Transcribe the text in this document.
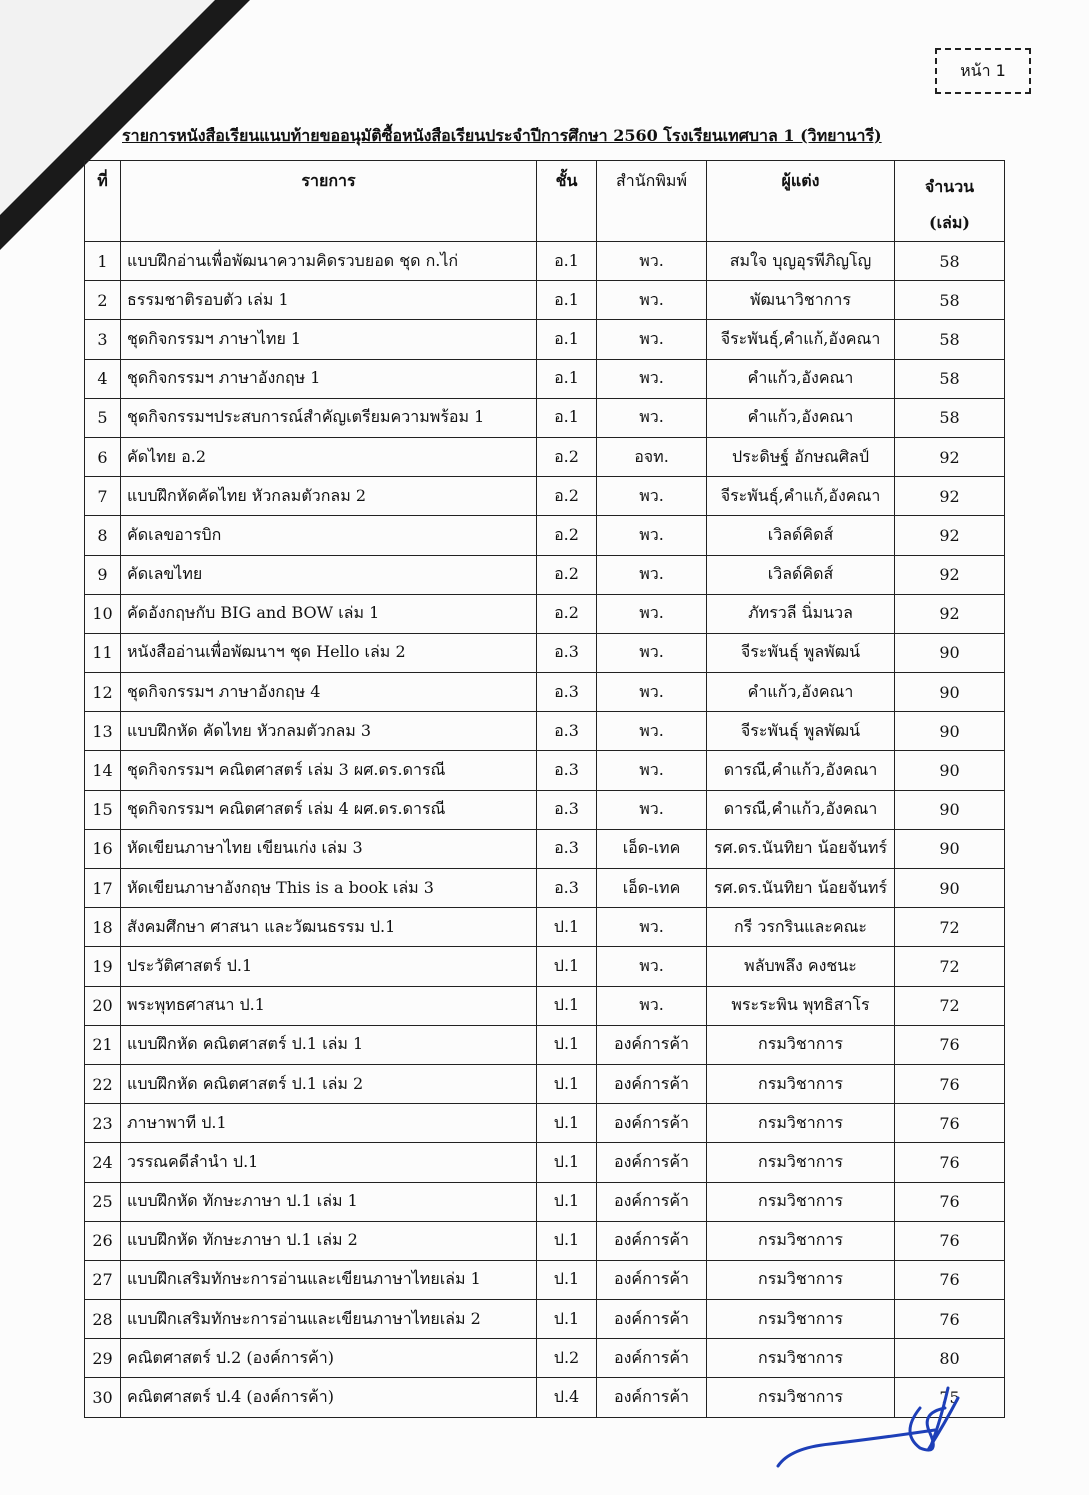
หน้า 1
รายการหนังสือเรียนแนบท้ายขออนุมัติซื้อหนังสือเรียนประจำปีการศึกษา 2560 โรงเรียนเทศบาล 1 (วิทยานารี)
ที่	รายการ	ชั้น	สำนักพิมพ์	ผู้แต่ง	จำนวน
(เล่ม)

1	แบบฝึกอ่านเพื่อพัฒนาความคิดรวบยอด ชุด ก.ไก่	อ.1	พว.	สมใจ บุญอุรพีภิญโญ	58
2	ธรรมชาติรอบตัว เล่ม 1	อ.1	พว.	พัฒนาวิชาการ	58
3	ชุดกิจกรรมฯ ภาษาไทย 1	อ.1	พว.	จีระพันธุ์,คำแก้,อังคณา	58
4	ชุดกิจกรรมฯ ภาษาอังกฤษ 1	อ.1	พว.	คำแก้ว,อังคณา	58
5	ชุดกิจกรรมฯประสบการณ์สำคัญเตรียมความพร้อม 1	อ.1	พว.	คำแก้ว,อังคณา	58
6	คัดไทย อ.2	อ.2	อจท.	ประดิษฐ์ อักษณศิลป์	92
7	แบบฝึกหัดคัดไทย หัวกลมตัวกลม 2	อ.2	พว.	จีระพันธุ์,คำแก้,อังคณา	92
8	คัดเลขอารบิก	อ.2	พว.	เวิลด์คิดส์	92
9	คัดเลขไทย	อ.2	พว.	เวิลด์คิดส์	92
10	คัดอังกฤษกับ BIG and BOW เล่ม 1	อ.2	พว.	ภัทรวลี นิ่มนวล	92
11	หนังสืออ่านเพื่อพัฒนาฯ ชุด Hello เล่ม 2	อ.3	พว.	จีระพันธุ์ พูลพัฒน์	90
12	ชุดกิจกรรมฯ ภาษาอังกฤษ 4	อ.3	พว.	คำแก้ว,อังคณา	90
13	แบบฝึกหัด คัดไทย หัวกลมตัวกลม 3	อ.3	พว.	จีระพันธุ์ พูลพัฒน์	90
14	ชุดกิจกรรมฯ คณิตศาสตร์ เล่ม 3 ผศ.ดร.ดารณี	อ.3	พว.	ดารณี,คำแก้ว,อังคณา	90
15	ชุดกิจกรรมฯ คณิตศาสตร์ เล่ม 4 ผศ.ดร.ดารณี	อ.3	พว.	ดารณี,คำแก้ว,อังคณา	90
16	หัดเขียนภาษาไทย เขียนเก่ง เล่ม 3	อ.3	เอ็ด-เทค	รศ.ดร.นันทิยา น้อยจันทร์	90
17	หัดเขียนภาษาอังกฤษ This is a book เล่ม 3	อ.3	เอ็ด-เทค	รศ.ดร.นันทิยา น้อยจันทร์	90
18	สังคมศึกษา ศาสนา และวัฒนธรรม ป.1	ป.1	พว.	กรี วรกรินและคณะ	72
19	ประวัติศาสตร์ ป.1	ป.1	พว.	พลับพลึง คงชนะ	72
20	พระพุทธศาสนา ป.1	ป.1	พว.	พระระพิน พุทธิสาโร	72
21	แบบฝึกหัด คณิตศาสตร์ ป.1 เล่ม 1	ป.1	องค์การค้า	กรมวิชาการ	76
22	แบบฝึกหัด คณิตศาสตร์ ป.1 เล่ม 2	ป.1	องค์การค้า	กรมวิชาการ	76
23	ภาษาพาที ป.1	ป.1	องค์การค้า	กรมวิชาการ	76
24	วรรณคดีลำนำ ป.1	ป.1	องค์การค้า	กรมวิชาการ	76
25	แบบฝึกหัด ทักษะภาษา ป.1 เล่ม 1	ป.1	องค์การค้า	กรมวิชาการ	76
26	แบบฝึกหัด ทักษะภาษา ป.1 เล่ม 2	ป.1	องค์การค้า	กรมวิชาการ	76
27	แบบฝึกเสริมทักษะการอ่านและเขียนภาษาไทยเล่ม 1	ป.1	องค์การค้า	กรมวิชาการ	76
28	แบบฝึกเสริมทักษะการอ่านและเขียนภาษาไทยเล่ม 2	ป.1	องค์การค้า	กรมวิชาการ	76
29	คณิตศาสตร์ ป.2 (องค์การค้า)	ป.2	องค์การค้า	กรมวิชาการ	80
30	คณิตศาสตร์ ป.4 (องค์การค้า)	ป.4	องค์การค้า	กรมวิชาการ	75
